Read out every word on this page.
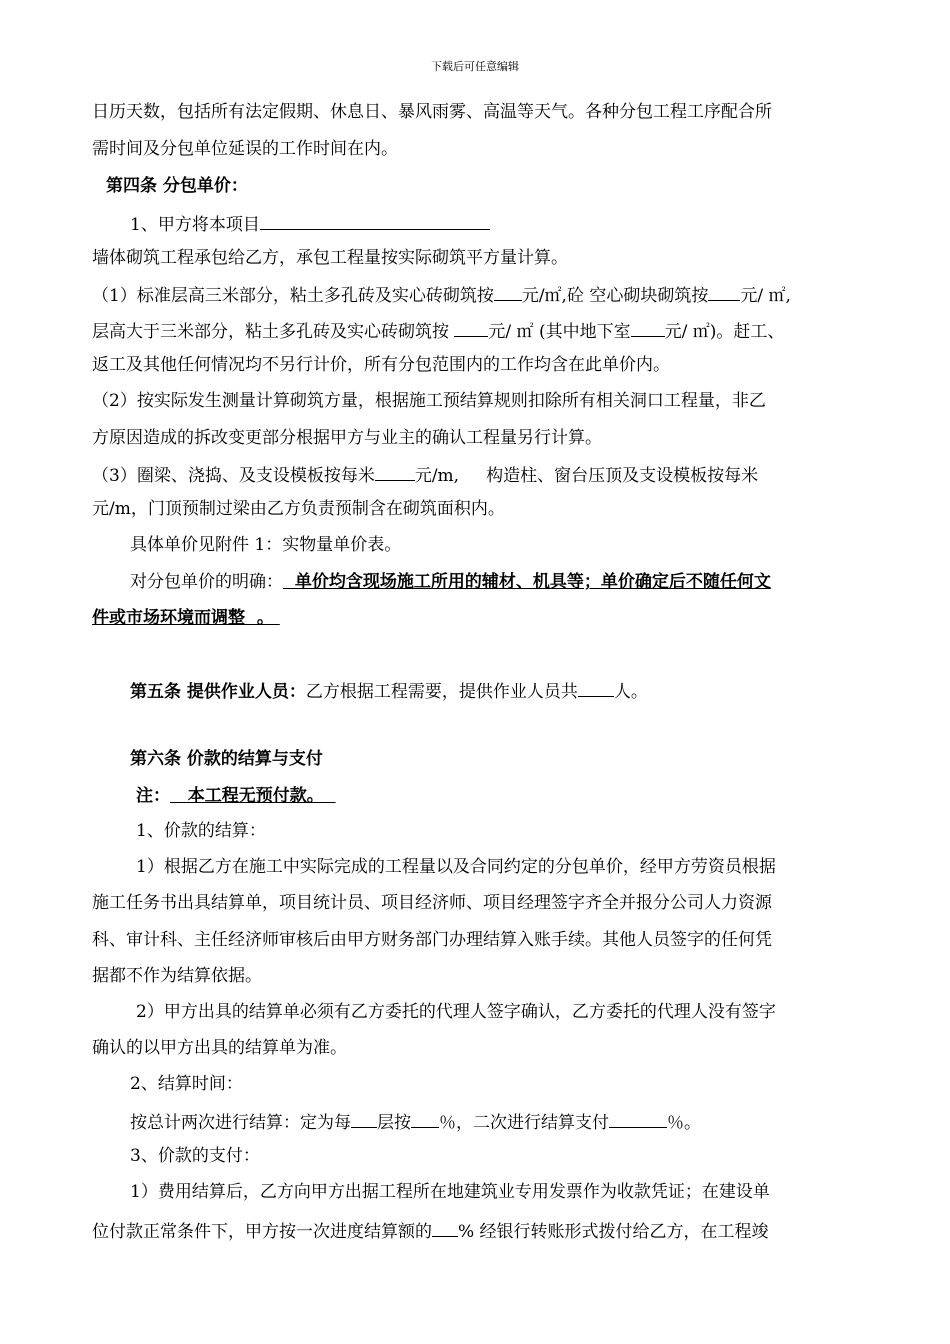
下载后可任意编辑
日历天数，包括所有法定假期、休息日、暴风雨雾、高温等天气。各种分包工程工序配合所
需时间及分包单位延误的工作时间在内。
第四条 分包单价：
1、甲方将本项目
墙体砌筑工程承包给乙方，承包工程量按实际砌筑平方量计算。
（1）标准层高三米部分，粘土多孔砖及实心砖砌筑按 元/㎡,砼 空心砌块砌筑按 元/ ㎡,
层高大于三米部分，粘土多孔砖及实心砖砌筑按 元/ ㎡ (其中地下室 元/ ㎡)。赶工、
返工及其他任何情况均不另行计价，所有分包范围内的工作均含在此单价内。
（2）按实际发生测量计算砌筑方量，根据施工预结算规则扣除所有相关洞口工程量，非乙
方原因造成的拆改变更部分根据甲方与业主的确认工程量另行计算。
（3）圈梁、浇捣、及支设模板按每米 元/m,     构造柱、窗台压顶及支设模板按每米
元/m，门顶预制过梁由乙方负责预制含在砌筑面积内。
具体单价见附件 1：实物量单价表。
对分包单价的明确：  单价均含现场施工所用的辅材、机具等；单价确定后不随任何文
件或市场环境而调整  。
第五条 提供作业人员：乙方根据工程需要，提供作业人员共 人。
第六条 价款的结算与支付
注：   本工程无预付款。
1、价款的结算：
1）根据乙方在施工中实际完成的工程量以及合同约定的分包单价，经甲方劳资员根据
施工任务书出具结算单，项目统计员、项目经济师、项目经理签字齐全并报分公司人力资源
科、审计科、主任经济师审核后由甲方财务部门办理结算入账手续。其他人员签字的任何凭
据都不作为结算依据。
2）甲方出具的结算单必须有乙方委托的代理人签字确认，乙方委托的代理人没有签字
确认的以甲方出具的结算单为准。
2、结算时间：
按总计两次进行结算：定为每 层按 ％，二次进行结算支付	％。
3、价款的支付：
1）费用结算后，乙方向甲方出据工程所在地建筑业专用发票作为收款凭证；在建设单
位付款正常条件下，甲方按一次进度结算额的 % 经银行转账形式拨付给乙方，在工程竣
